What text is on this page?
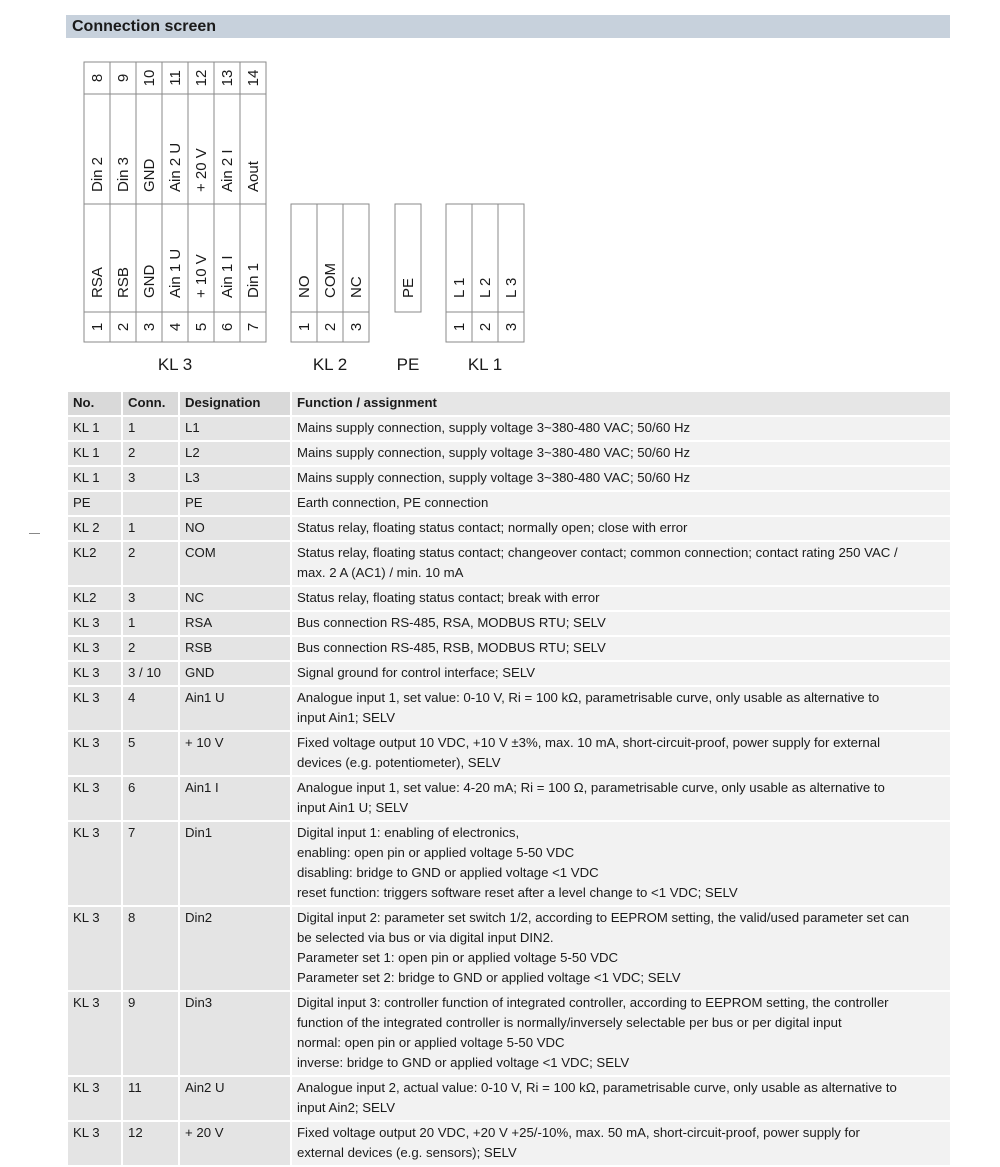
Connection screen
8 9 10 11 12 13 14
Din 2 Din 3 GND Ain 2 U + 20 V Ain 2 I Aout
RSA RSB GND Ain 1 U + 10 V Ain 1 I Din 1
1 2 3 4 5 6 7
KL 3
NO COM NC
1 2 3
KL 2
PE
PE
L 1 L 2 L 3
1 2 3
KL 1
No.	Conn.	Designation	Function / assignment
KL 1	1	L1	Mains supply connection, supply voltage 3~380-480 VAC; 50/60 Hz

KL 1	2	L2	Mains supply connection, supply voltage 3~380-480 VAC; 50/60 Hz

KL 1	3	L3	Mains supply connection, supply voltage 3~380-480 VAC; 50/60 Hz

PE		PE	Earth connection, PE connection

KL 2	1	NO	Status relay, floating status contact; normally open; close with error

KL2	2	COM	Status relay, floating status contact; changeover contact; common connection; contact rating 250 VAC /
max. 2 A (AC1) / min. 10 mA

KL2	3	NC	Status relay, floating status contact; break with error

KL 3	1	RSA	Bus connection RS-485, RSA, MODBUS RTU; SELV

KL 3	2	RSB	Bus connection RS-485, RSB, MODBUS RTU; SELV

KL 3	3 / 10	GND	Signal ground for control interface; SELV

KL 3	4	Ain1 U	Analogue input 1, set value: 0-10 V, Ri = 100 kΩ, parametrisable curve, only usable as alternative to
input Ain1; SELV

KL 3	5	+ 10 V	Fixed voltage output 10 VDC, +10 V ±3%, max. 10 mA, short-circuit-proof, power supply for external
devices (e.g. potentiometer), SELV

KL 3	6	Ain1 I	Analogue input 1, set value: 4-20 mA; Ri = 100 Ω, parametrisable curve, only usable as alternative to
input Ain1 U; SELV

KL 3	7	Din1	Digital input 1: enabling of electronics,
enabling: open pin or applied voltage 5-50 VDC
disabling: bridge to GND or applied voltage <1 VDC
reset function: triggers software reset after a level change to <1 VDC; SELV

KL 3	8	Din2	Digital input 2: parameter set switch 1/2, according to EEPROM setting, the valid/used parameter set can
be selected via bus or via digital input DIN2.
Parameter set 1: open pin or applied voltage 5-50 VDC
Parameter set 2: bridge to GND or applied voltage <1 VDC; SELV

KL 3	9	Din3	Digital input 3: controller function of integrated controller, according to EEPROM setting, the controller
function of the integrated controller is normally/inversely selectable per bus or per digital input
normal: open pin or applied voltage 5-50 VDC
inverse: bridge to GND or applied voltage <1 VDC; SELV

KL 3	11	Ain2 U	Analogue input 2, actual value: 0-10 V, Ri = 100 kΩ, parametrisable curve, only usable as alternative to
input Ain2; SELV

KL 3	12	+ 20 V	Fixed voltage output 20 VDC, +20 V +25/-10%, max. 50 mA, short-circuit-proof, power supply for
external devices (e.g. sensors); SELV
